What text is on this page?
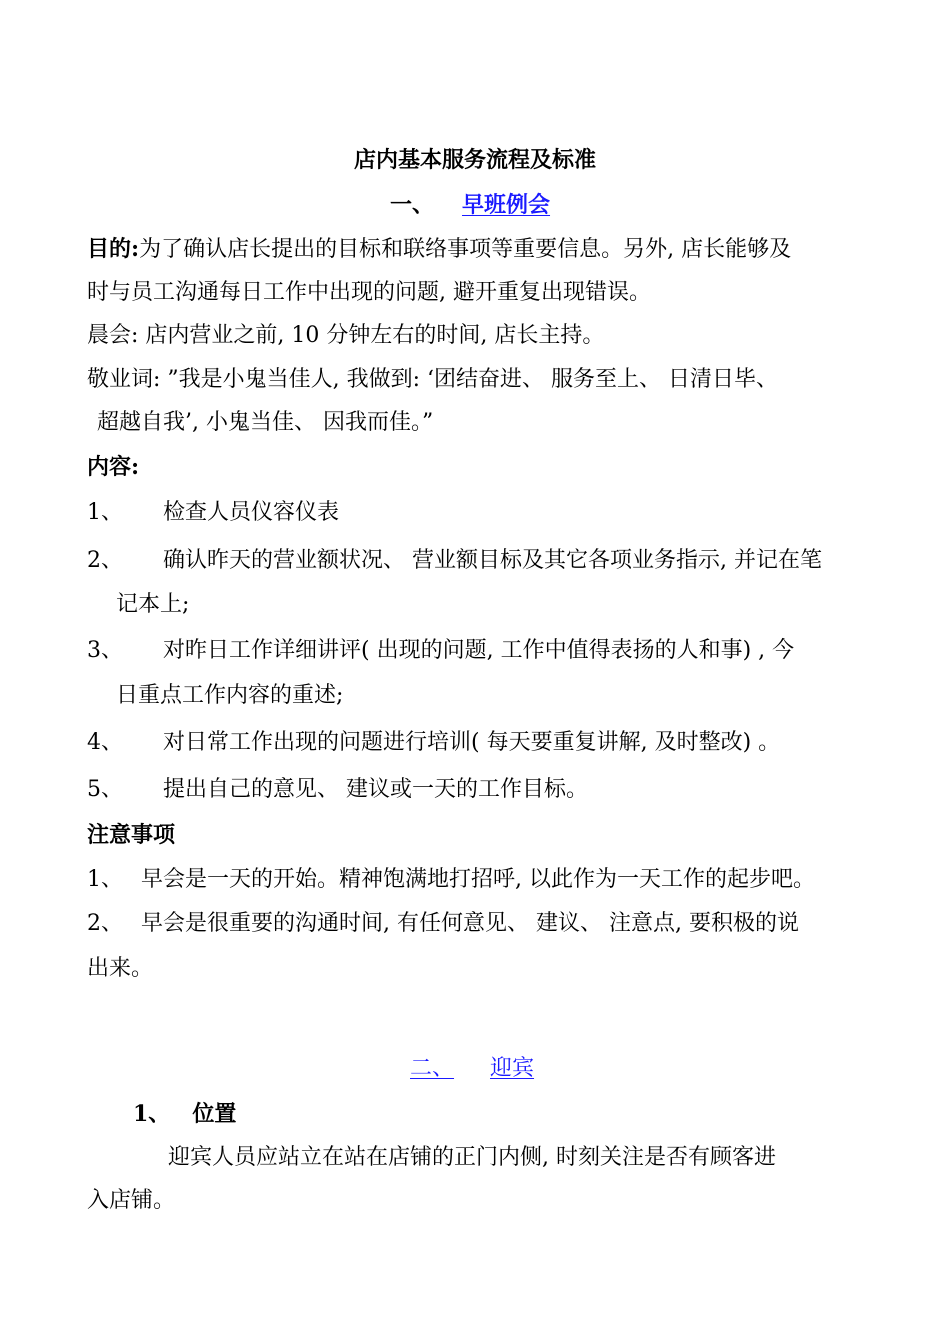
店内基本服务流程及标准
一、 早班例会
目的:为了确认店长提出的目标和联络事项等重要信息。另外, 店长能够及
时与员工沟通每日工作中出现的问题, 避开重复出现错误。
晨会: 店内营业之前, 10 分钟左右的时间, 店长主持。
敬业词: ”我是小鬼当佳人, 我做到: ‘团结奋进、 服务至上、 日清日毕、
超越自我’, 小鬼当佳、 因我而佳。”
内容:
1、 检查人员仪容仪表
2、 确认昨天的营业额状况、 营业额目标及其它各项业务指示, 并记在笔
记本上;
3、 对昨日工作详细讲评( 出现的问题, 工作中值得表扬的人和事) , 今
日重点工作内容的重述;
4、 对日常工作出现的问题进行培训( 每天要重复讲解, 及时整改) 。
5、 提出自己的意见、 建议或一天的工作目标。
注意事项
1、 早会是一天的开始。精神饱满地打招呼, 以此作为一天工作的起步吧。
2、 早会是很重要的沟通时间, 有任何意见、 建议、 注意点, 要积极的说
出来。
二、 迎宾
1、 位置
迎宾人员应站立在站在店铺的正门内侧, 时刻关注是否有顾客进
入店铺。
